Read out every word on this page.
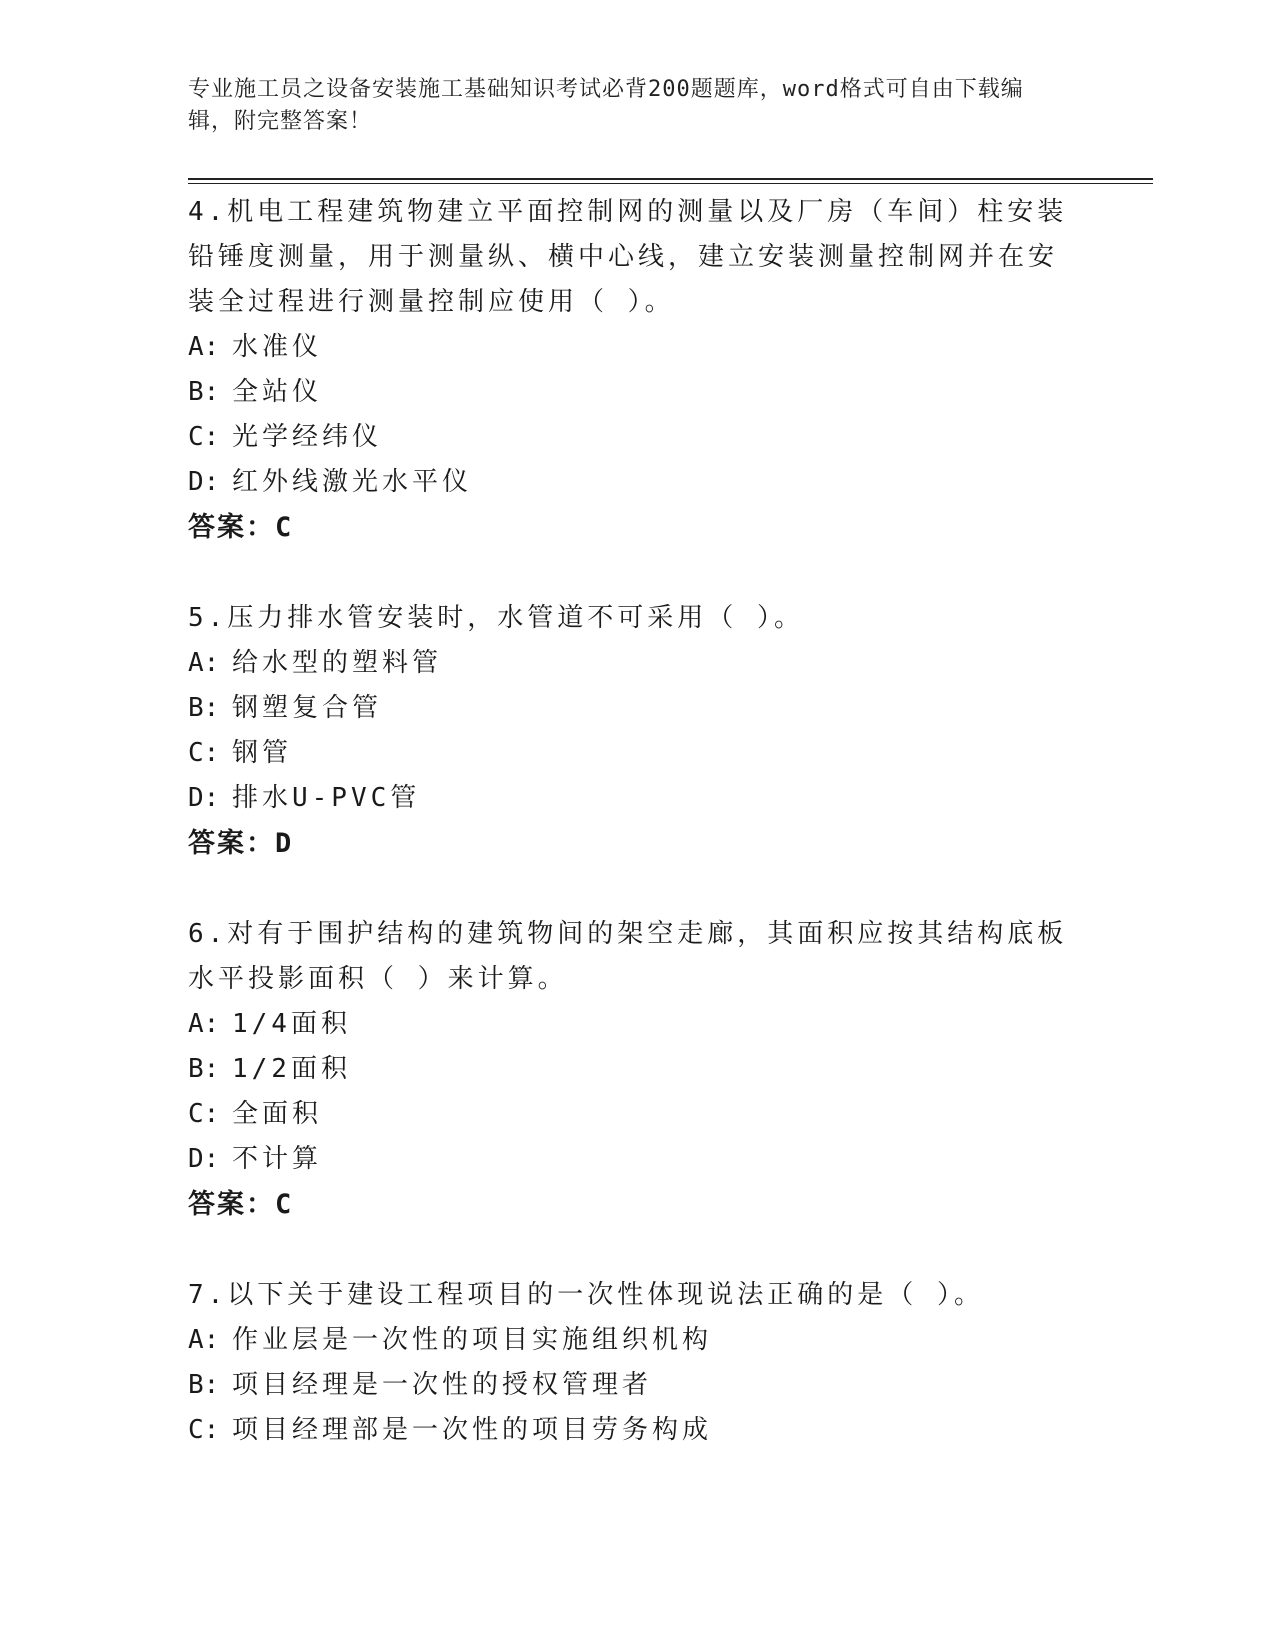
专业施工员之设备安装施工基础知识考试必背200题题库，word格式可自由下载编辑，附完整答案！

4.机电工程建筑物建立平面控制网的测量以及厂房（车间）柱安装铅锤度测量，用于测量纵、横中心线，建立安装测量控制网并在安装全过程进行测量控制应使用（ ）。

A: 水准仪

B: 全站仪

C: 光学经纬仪

D: 红外线激光水平仪

答案：C

5.压力排水管安装时，水管道不可采用（ ）。

A: 给水型的塑料管

B: 钢塑复合管

C: 钢管

D: 排水U-PVC管

答案：D

6.对有于围护结构的建筑物间的架空走廊，其面积应按其结构底板水平投影面积（ ）来计算。

A: 1/4面积

B: 1/2面积

C: 全面积

D: 不计算

答案：C

7.以下关于建设工程项目的一次性体现说法正确的是（ ）。

A: 作业层是一次性的项目实施组织机构

B: 项目经理是一次性的授权管理者

C: 项目经理部是一次性的项目劳务构成
